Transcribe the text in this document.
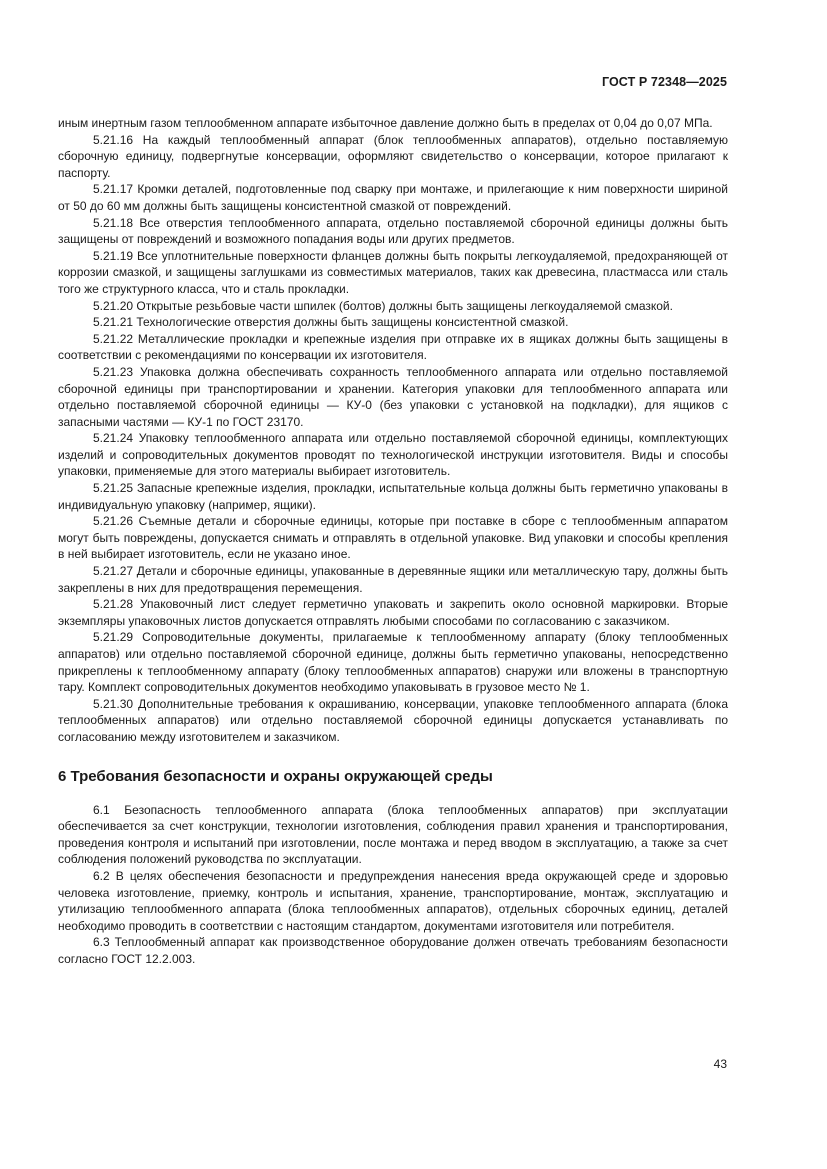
ГОСТ Р 72348—2025

иным инертным газом теплообменном аппарате избыточное давление должно быть в пределах от 0,04 до 0,07 МПа.

5.21.16 На каждый теплообменный аппарат (блок теплообменных аппаратов), отдельно поставляемую сборочную единицу, подвергнутые консервации, оформляют свидетельство о консервации, которое прилагают к паспорту.

5.21.17 Кромки деталей, подготовленные под сварку при монтаже, и прилегающие к ним поверхности шириной от 50 до 60 мм должны быть защищены консистентной смазкой от повреждений.

5.21.18 Все отверстия теплообменного аппарата, отдельно поставляемой сборочной единицы должны быть защищены от повреждений и возможного попадания воды или других предметов.

5.21.19 Все уплотнительные поверхности фланцев должны быть покрыты легкоудаляемой, предохраняющей от коррозии смазкой, и защищены заглушками из совместимых материалов, таких как древесина, пластмасса или сталь того же структурного класса, что и сталь прокладки.

5.21.20 Открытые резьбовые части шпилек (болтов) должны быть защищены легкоудаляемой смазкой.

5.21.21 Технологические отверстия должны быть защищены консистентной смазкой.

5.21.22 Металлические прокладки и крепежные изделия при отправке их в ящиках должны быть защищены в соответствии с рекомендациями по консервации их изготовителя.

5.21.23 Упаковка должна обеспечивать сохранность теплообменного аппарата или отдельно поставляемой сборочной единицы при транспортировании и хранении. Категория упаковки для теплообменного аппарата или отдельно поставляемой сборочной единицы — КУ-0 (без упаковки с установкой на подкладки), для ящиков с запасными частями — КУ-1 по ГОСТ 23170.

5.21.24 Упаковку теплообменного аппарата или отдельно поставляемой сборочной единицы, комплектующих изделий и сопроводительных документов проводят по технологической инструкции изготовителя. Виды и способы упаковки, применяемые для этого материалы выбирает изготовитель.

5.21.25 Запасные крепежные изделия, прокладки, испытательные кольца должны быть герметично упакованы в индивидуальную упаковку (например, ящики).

5.21.26 Съемные детали и сборочные единицы, которые при поставке в сборе с теплообменным аппаратом могут быть повреждены, допускается снимать и отправлять в отдельной упаковке. Вид упаковки и способы крепления в ней выбирает изготовитель, если не указано иное.

5.21.27 Детали и сборочные единицы, упакованные в деревянные ящики или металлическую тару, должны быть закреплены в них для предотвращения перемещения.

5.21.28 Упаковочный лист следует герметично упаковать и закрепить около основной маркировки. Вторые экземпляры упаковочных листов допускается отправлять любыми способами по согласованию с заказчиком.

5.21.29 Сопроводительные документы, прилагаемые к теплообменному аппарату (блоку теплообменных аппаратов) или отдельно поставляемой сборочной единице, должны быть герметично упакованы, непосредственно прикреплены к теплообменному аппарату (блоку теплообменных аппаратов) снаружи или вложены в транспортную тару. Комплект сопроводительных документов необходимо упаковывать в грузовое место № 1.

5.21.30 Дополнительные требования к окрашиванию, консервации, упаковке теплообменного аппарата (блока теплообменных аппаратов) или отдельно поставляемой сборочной единицы допускается устанавливать по согласованию между изготовителем и заказчиком.

6 Требования безопасности и охраны окружающей среды

6.1 Безопасность теплообменного аппарата (блока теплообменных аппаратов) при эксплуатации обеспечивается за счет конструкции, технологии изготовления, соблюдения правил хранения и транспортирования, проведения контроля и испытаний при изготовлении, после монтажа и перед вводом в эксплуатацию, а также за счет соблюдения положений руководства по эксплуатации.

6.2 В целях обеспечения безопасности и предупреждения нанесения вреда окружающей среде и здоровью человека изготовление, приемку, контроль и испытания, хранение, транспортирование, монтаж, эксплуатацию и утилизацию теплообменного аппарата (блока теплообменных аппаратов), отдельных сборочных единиц, деталей необходимо проводить в соответствии с настоящим стандартом, документами изготовителя или потребителя.

6.3 Теплообменный аппарат как производственное оборудование должен отвечать требованиям безопасности согласно ГОСТ 12.2.003.

43
